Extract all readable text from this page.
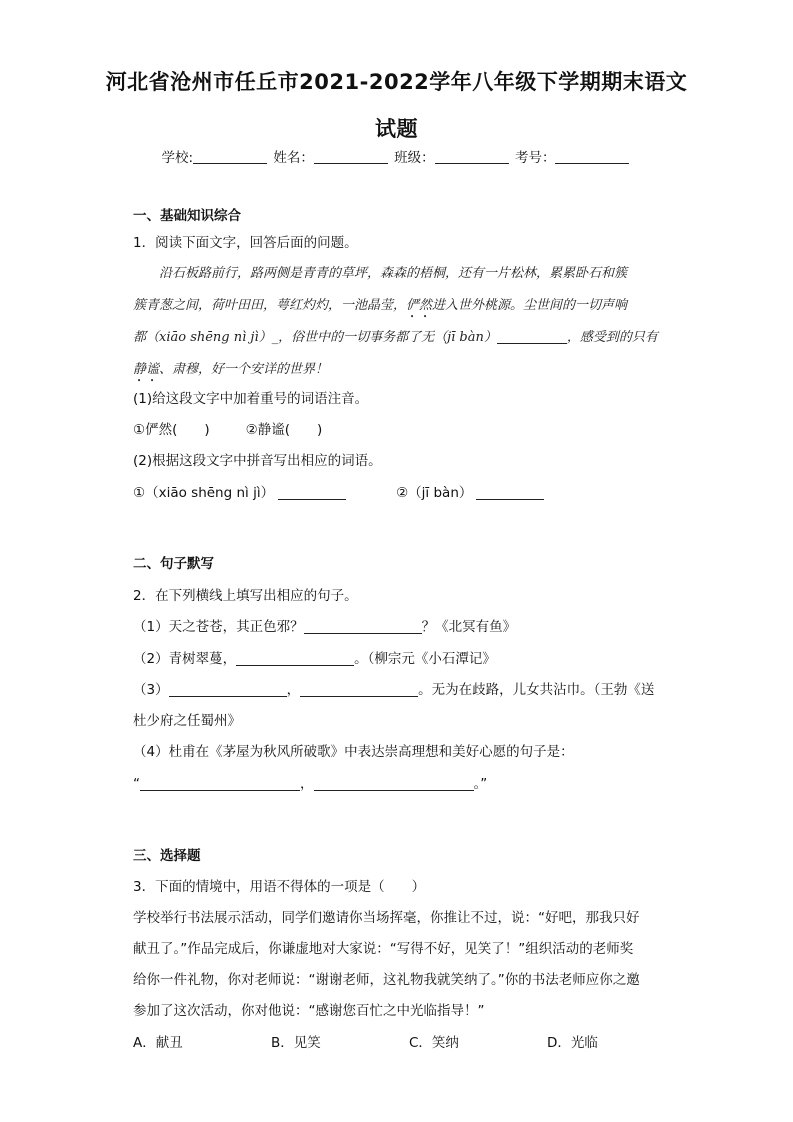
河北省沧州市任丘市2021-2022学年八年级下学期期末语文
试题
学校:	姓名：	班级：	考号：
一、基础知识综合
1．阅读下面文字，回答后面的问题。
沿石板路前行，路两侧是青青的草坪，森森的梧桐，还有一片松林，累累卧石和簇
簇青葱之间，荷叶田田，萼红灼灼，一池晶莹，俨然进入世外桃源。尘世间的一切声响
都（xiāo shēng nì jì）_，俗世中的一切事务都了无（jī bàn）	，感受到的只有
静谧、肃穆，好一个安详的世界！
(1)给这段文字中加着重号的词语注音。
①俨然(　　)	②静谧(　　)
(2)根据这段文字中拼音写出相应的词语。
①（xiāo shēng nì jì）	②（jī bàn）
二、句子默写
2．在下列横线上填写出相应的句子。
（1）天之苍苍，其正色邪？	？《北冥有鱼》
（2）青树翠蔓，	。（柳宗元《小石潭记》
（3）	，	。无为在歧路，儿女共沾巾。（王勃《送
杜少府之任蜀州》
（4）杜甫在《茅屋为秋风所破歌》中表达崇高理想和美好心愿的句子是：
“	，	。”
三、选择题
3．下面的情境中，用语不得体的一项是（　　）
学校举行书法展示活动，同学们邀请你当场挥毫，你推让不过，说：“好吧，那我只好
献丑了。”作品完成后，你谦虚地对大家说：“写得不好，见笑了！”组织活动的老师奖
给你一件礼物，你对老师说：“谢谢老师，这礼物我就笑纳了。”你的书法老师应你之邀
参加了这次活动，你对他说：“感谢您百忙之中光临指导！”
A．献丑	B．见笑	C．笑纳	D．光临
